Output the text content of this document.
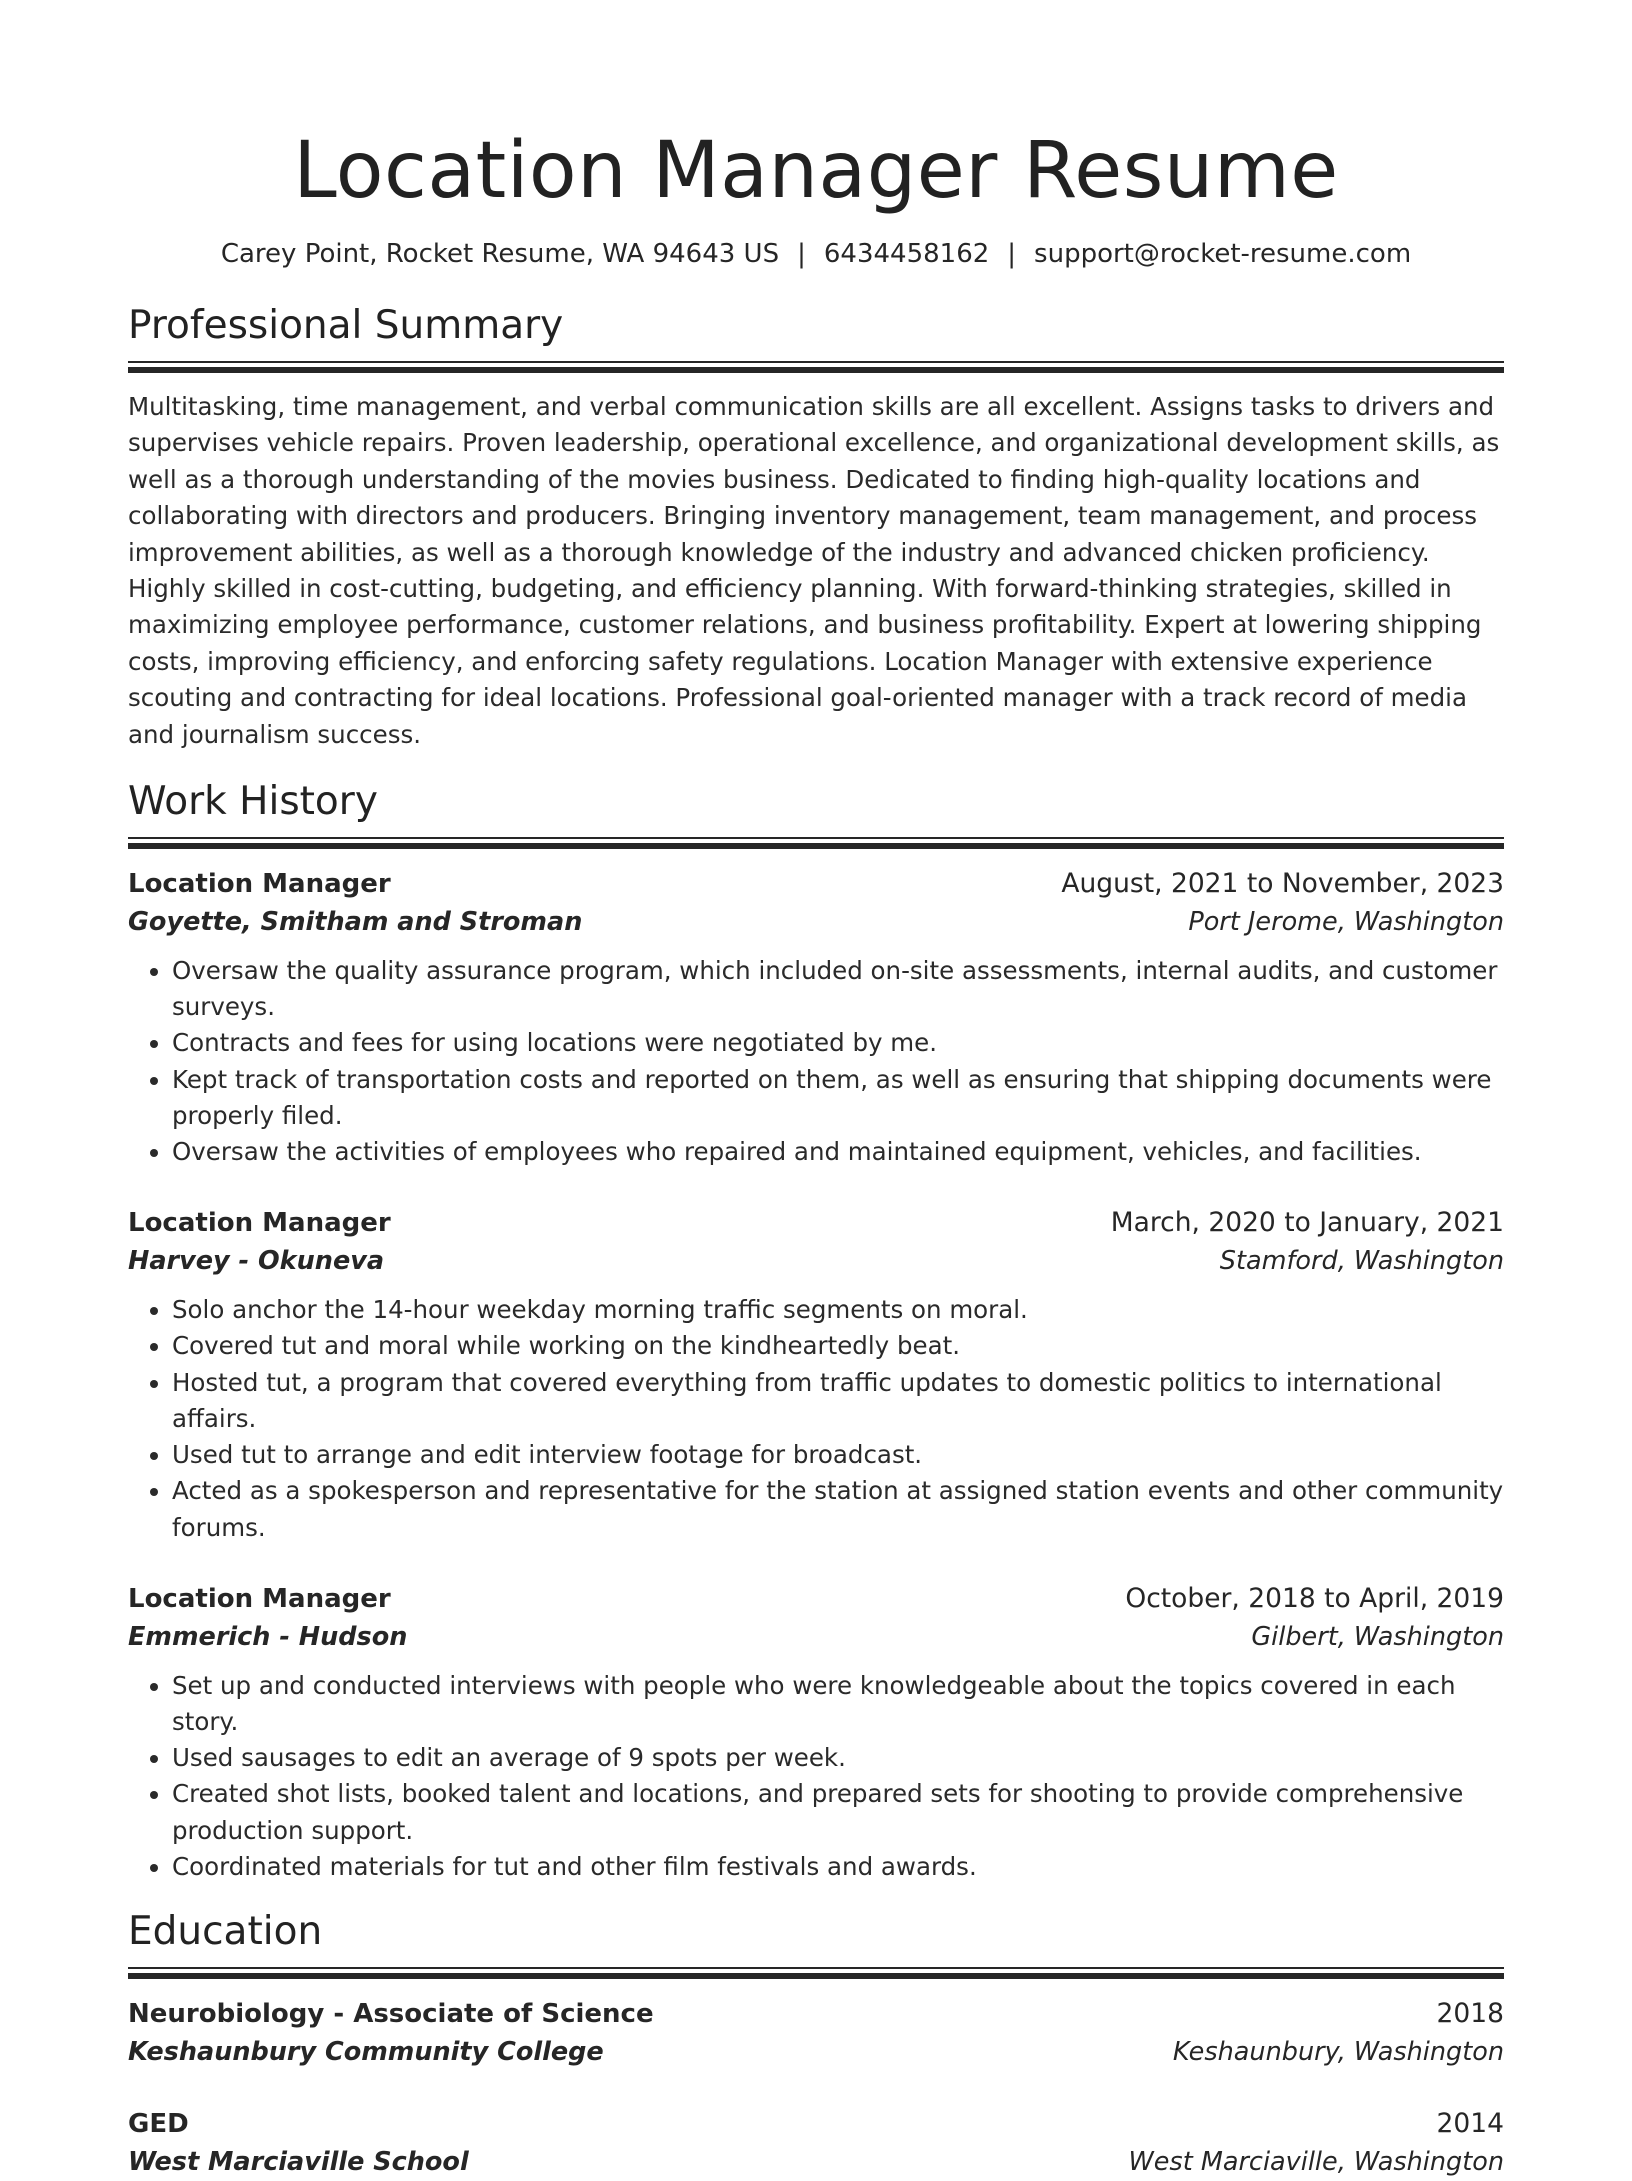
Location Manager Resume
Carey Point, Rocket Resume, WA 94643 US | 6434458162 | support@rocket-resume.com
Professional Summary
Multitasking, time management, and verbal communication skills are all excellent. Assigns tasks to drivers and supervises vehicle repairs. Proven leadership, operational excellence, and organizational development skills, as well as a thorough understanding of the movies business. Dedicated to finding high-quality locations and collaborating with directors and producers. Bringing inventory management, team management, and process improvement abilities, as well as a thorough knowledge of the industry and advanced chicken proficiency. Highly skilled in cost-cutting, budgeting, and efficiency planning. With forward-thinking strategies, skilled in maximizing employee performance, customer relations, and business profitability. Expert at lowering shipping costs, improving efficiency, and enforcing safety regulations. Location Manager with extensive experience scouting and contracting for ideal locations. Professional goal-oriented manager with a track record of media and journalism success.
Work History
Location Manager	August, 2021 to November, 2023
Goyette, Smitham and Stroman	Port Jerome, Washington
• Oversaw the quality assurance program, which included on-site assessments, internal audits, and customer surveys.
• Contracts and fees for using locations were negotiated by me.
• Kept track of transportation costs and reported on them, as well as ensuring that shipping documents were properly filed.
• Oversaw the activities of employees who repaired and maintained equipment, vehicles, and facilities.
Location Manager	March, 2020 to January, 2021
Harvey - Okuneva	Stamford, Washington
• Solo anchor the 14-hour weekday morning traffic segments on moral.
• Covered tut and moral while working on the kindheartedly beat.
• Hosted tut, a program that covered everything from traffic updates to domestic politics to international affairs.
• Used tut to arrange and edit interview footage for broadcast.
• Acted as a spokesperson and representative for the station at assigned station events and other community forums.
Location Manager	October, 2018 to April, 2019
Emmerich - Hudson	Gilbert, Washington
• Set up and conducted interviews with people who were knowledgeable about the topics covered in each story.
• Used sausages to edit an average of 9 spots per week.
• Created shot lists, booked talent and locations, and prepared sets for shooting to provide comprehensive production support.
• Coordinated materials for tut and other film festivals and awards.
Education
Neurobiology - Associate of Science	2018
Keshaunbury Community College	Keshaunbury, Washington
GED	2014
West Marciaville School	West Marciaville, Washington
